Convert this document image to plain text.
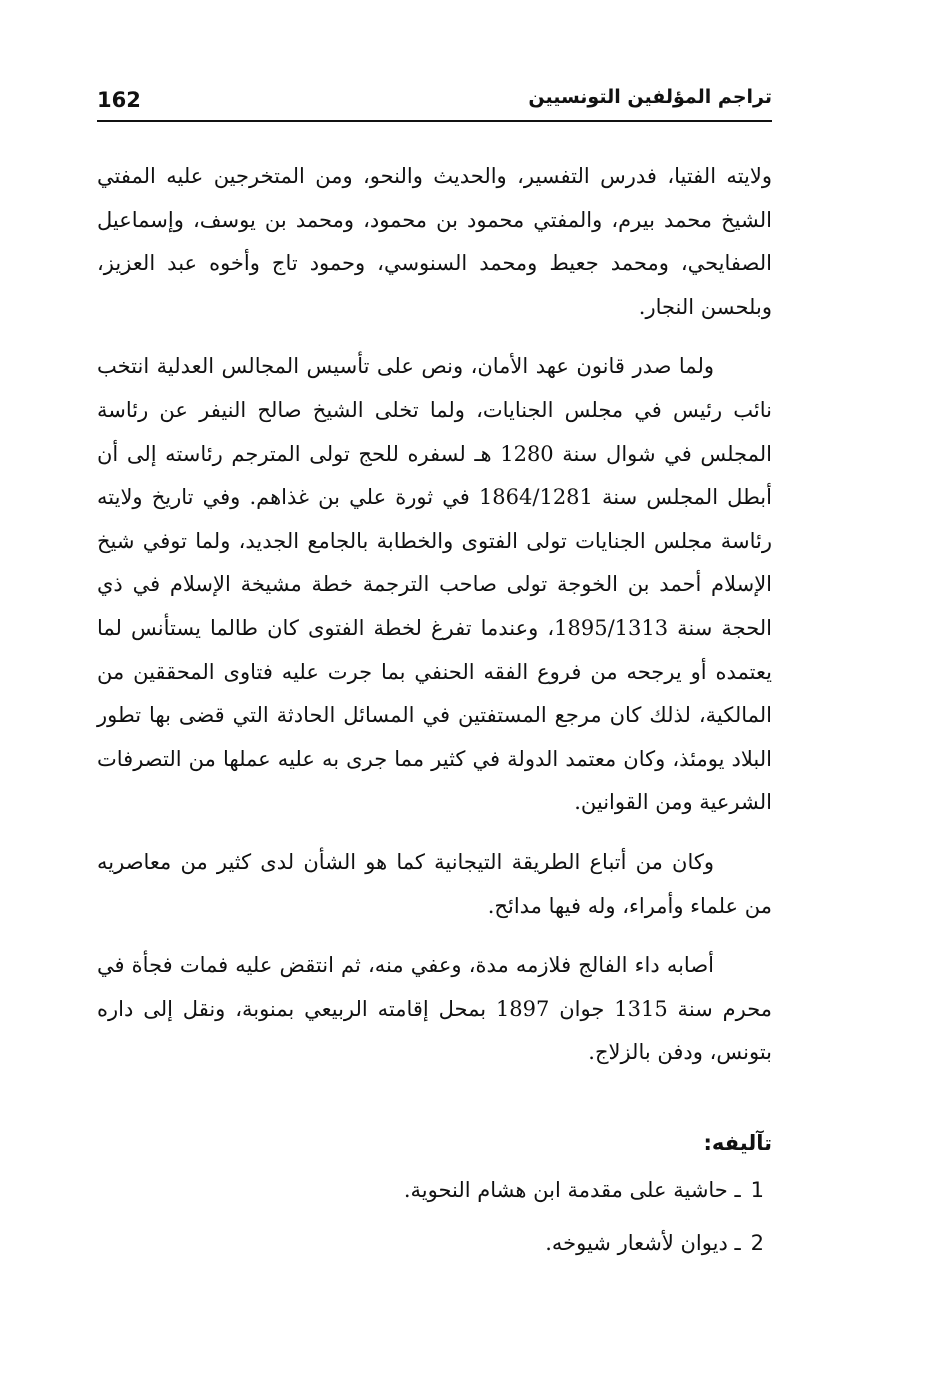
162	تراجم المؤلفين التونسيين

ولايته الفتيا، فدرس التفسير، والحديث والنحو، ومن المتخرجين عليه المفتي الشيخ محمد بيرم، والمفتي محمود بن محمود، ومحمد بن يوسف، وإسماعيل الصفايحي، ومحمد جعيط ومحمد السنوسي، وحمود تاج وأخوه عبد العزيز، وبلحسن النجار.

ولما صدر قانون عهد الأمان، ونص على تأسيس المجالس العدلية انتخب نائب رئيس في مجلس الجنايات، ولما تخلى الشيخ صالح النيفر عن رئاسة المجلس في شوال سنة 1280 هـ لسفره للحج تولى المترجم رئاسته إلى أن أبطل المجلس سنة 1864/1281 في ثورة علي بن غذاهم. وفي تاريخ ولايته رئاسة مجلس الجنايات تولى الفتوى والخطابة بالجامع الجديد، ولما توفي شيخ الإسلام أحمد بن الخوجة تولى صاحب الترجمة خطة مشيخة الإسلام في ذي الحجة سنة 1895/1313، وعندما تفرغ لخطة الفتوى كان طالما يستأنس لما يعتمده أو يرجحه من فروع الفقه الحنفي بما جرت عليه فتاوى المحققين من المالكية، لذلك كان مرجع المستفتين في المسائل الحادثة التي قضى بها تطور البلاد يومئذ، وكان معتمد الدولة في كثير مما جرى به عليه عملها من التصرفات الشرعية ومن القوانين.

وكان من أتباع الطريقة التيجانية كما هو الشأن لدى كثير من معاصريه من علماء وأمراء، وله فيها مدائح.

أصابه داء الفالج فلازمه مدة، وعفي منه، ثم انتقض عليه فمات فجأة في محرم سنة 1315 جوان 1897 بمحل إقامته الربيعي بمنوبة، ونقل إلى داره بتونس، ودفن بالزلاج.

تآليفه:
1
ـ حاشية على مقدمة ابن هشام النحوية.
2
ـ ديوان لأشعار شيوخه.
